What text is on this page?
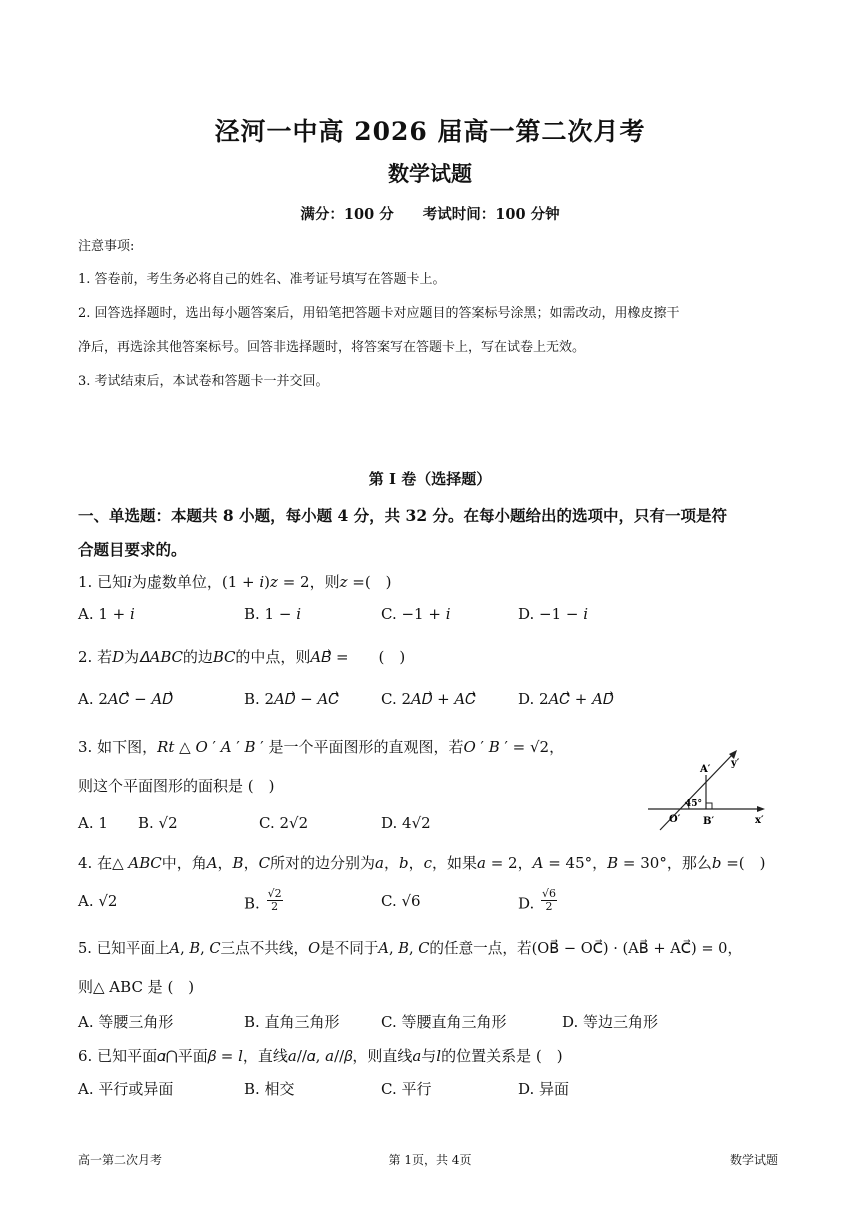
泾河一中高 2026 届高一第二次月考
数学试题
满分：100 分 考试时间：100 分钟
注意事项:
1. 答卷前，考生务必将自己的姓名、准考证号填写在答题卡上。
2. 回答选择题时，选出每小题答案后，用铅笔把答题卡对应题目的答案标号涂黑；如需改动，用橡皮擦干
净后，再选涂其他答案标号。回答非选择题时，将答案写在答题卡上，写在试卷上无效。
3. 考试结束后，本试卷和答题卡一并交回。
第 I 卷（选择题）
一、单选题：本题共 8 小题，每小题 4 分，共 32 分。在每小题给出的选项中，只有一项是符
合题目要求的。
1. 已知𝑖为虚数单位，(1 + 𝑖)𝑧 = 2，则𝑧 =(　)
A. 1 + 𝑖	B. 1 − 𝑖	C. −1 + 𝑖	D. −1 − 𝑖
2. 若𝐷为𝛥𝐴𝐵𝐶的边𝐵𝐶的中点，则𝐴𝐵⃗ =　　(　)
A. 2𝐴𝐶⃗ − 𝐴𝐷⃗	B. 2𝐴𝐷⃗ − 𝐴𝐶⃗	C. 2𝐴𝐷⃗ + 𝐴𝐶⃗	D. 2𝐴𝐶⃗ + 𝐴𝐷⃗
3. 如下图，𝑅𝑡 △ 𝑂 ′ 𝐴 ′ 𝐵 ′ 是一个平面图形的直观图，若𝑂 ′ 𝐵 ′ = √2，
则这个平面图形的面积是 (　)
A. 1 B. √2	C. 2√2	D. 4√2
A′
y′
45°
O′ B′	x′
4. 在△ 𝐴𝐵𝐶中，角𝐴，𝐵，𝐶所对的边分别为𝑎，𝑏，𝑐，如果𝑎 = 2，𝐴 = 45°，𝐵 = 30°，那么𝑏 =(　)
A. √2	B. $\frac{√2}{2}$	C. √6	D. $\frac{√6}{2}$
5. 已知平面上𝐴, 𝐵, 𝐶三点不共线，𝑂是不同于𝐴, 𝐵, 𝐶的任意一点，若(OB⃗ − OC⃗) · (AB⃗ + AC⃗) = 0，
则△ ABC 是 (　)
A. 等腰三角形	B. 直角三角形	C. 等腰直角三角形	D. 等边三角形
6. 已知平面𝛼⋂平面𝛽 = 𝑙，直线𝑎//𝛼, 𝑎//𝛽，则直线𝑎与𝑙的位置关系是 (　)
A. 平行或异面	B. 相交	C. 平行	D. 异面
高一第二次月考	第 1页，共 4页	数学试题
